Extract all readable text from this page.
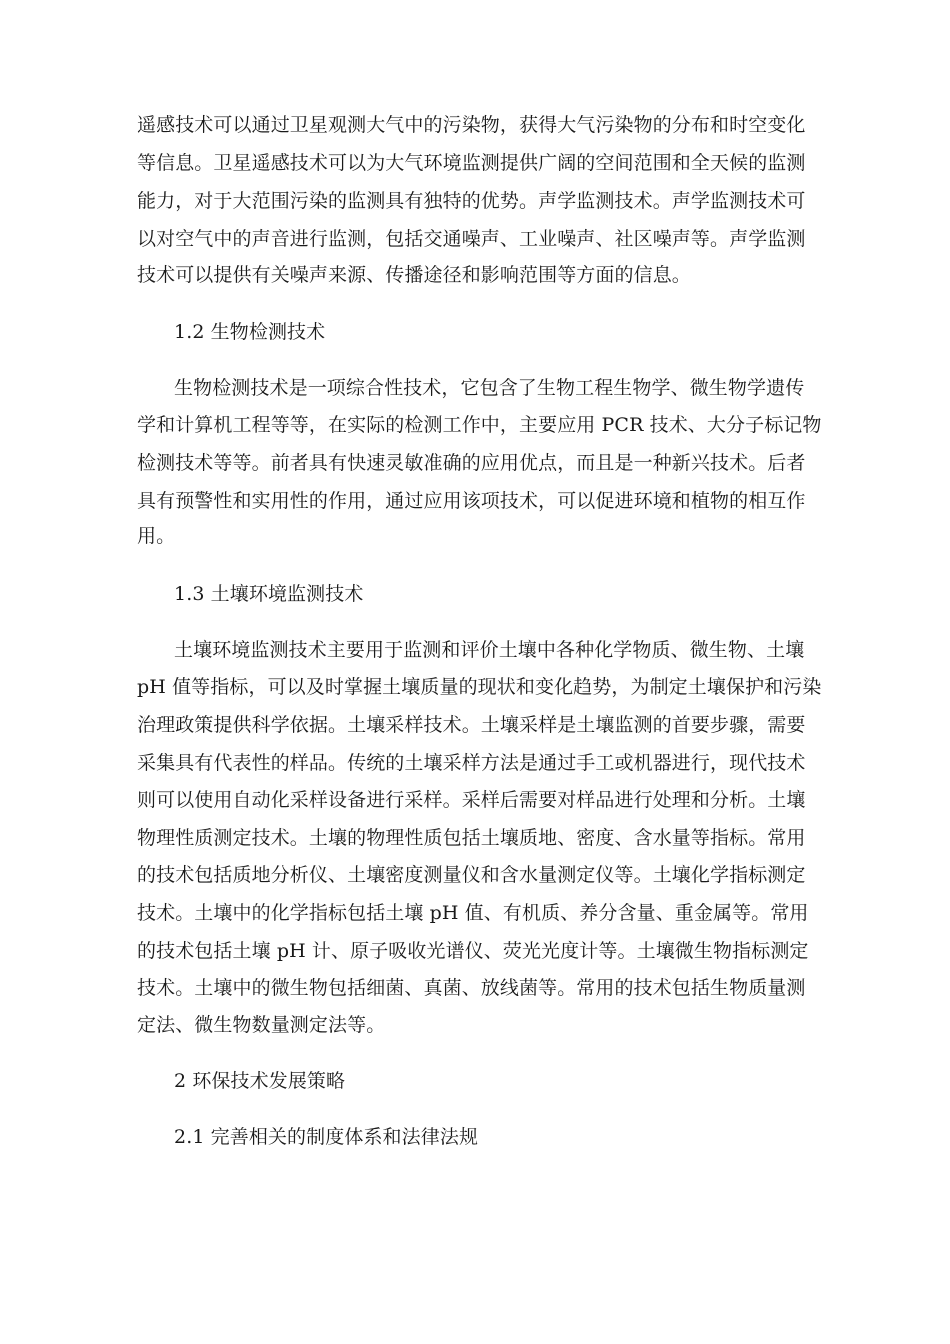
遥感技术可以通过卫星观测大气中的污染物，获得大气污染物的分布和时空变化
等信息。卫星遥感技术可以为大气环境监测提供广阔的空间范围和全天候的监测
能力，对于大范围污染的监测具有独特的优势。声学监测技术。声学监测技术可
以对空气中的声音进行监测，包括交通噪声、工业噪声、社区噪声等。声学监测
技术可以提供有关噪声来源、传播途径和影响范围等方面的信息。
1.2 生物检测技术
生物检测技术是一项综合性技术，它包含了生物工程生物学、微生物学遗传
学和计算机工程等等，在实际的检测工作中，主要应用 PCR 技术、大分子标记物
检测技术等等。前者具有快速灵敏准确的应用优点，而且是一种新兴技术。后者
具有预警性和实用性的作用，通过应用该项技术，可以促进环境和植物的相互作
用。
1.3 土壤环境监测技术
土壤环境监测技术主要用于监测和评价土壤中各种化学物质、微生物、土壤
pH 值等指标，可以及时掌握土壤质量的现状和变化趋势，为制定土壤保护和污染
治理政策提供科学依据。土壤采样技术。土壤采样是土壤监测的首要步骤，需要
采集具有代表性的样品。传统的土壤采样方法是通过手工或机器进行，现代技术
则可以使用自动化采样设备进行采样。采样后需要对样品进行处理和分析。土壤
物理性质测定技术。土壤的物理性质包括土壤质地、密度、含水量等指标。常用
的技术包括质地分析仪、土壤密度测量仪和含水量测定仪等。土壤化学指标测定
技术。土壤中的化学指标包括土壤 pH 值、有机质、养分含量、重金属等。常用
的技术包括土壤 pH 计、原子吸收光谱仪、荧光光度计等。土壤微生物指标测定
技术。土壤中的微生物包括细菌、真菌、放线菌等。常用的技术包括生物质量测
定法、微生物数量测定法等。
2 环保技术发展策略
2.1 完善相关的制度体系和法律法规
